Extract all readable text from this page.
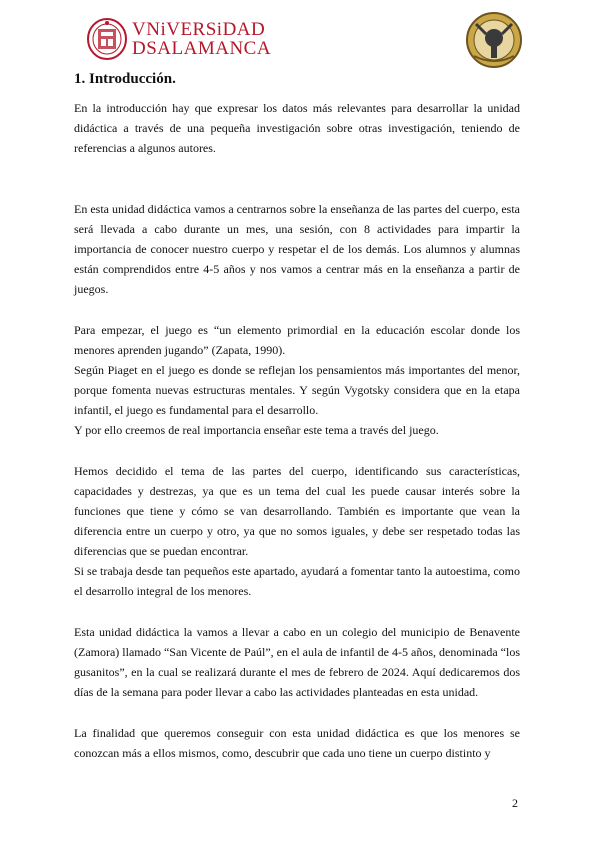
VNiVERSiDAD
DSALAMANCA
1. Introducción.

En la introducción hay que expresar los datos más relevantes para desarrollar la unidad didáctica a través de una pequeña investigación sobre otras investigación, teniendo de referencias a algunos autores.

En esta unidad didáctica vamos a centrarnos sobre la enseñanza de las partes del cuerpo, esta será llevada a cabo durante un mes, una sesión, con 8 actividades para impartir la importancia de conocer nuestro cuerpo y respetar el de los demás. Los alumnos y alumnas están comprendidos entre 4-5 años y nos vamos a centrar más en la enseñanza a partir de juegos.

Para empezar, el juego es “un elemento primordial en la educación escolar donde los menores aprenden jugando” (Zapata, 1990).

Según Piaget en el juego es donde se reflejan los pensamientos más importantes del menor, porque fomenta nuevas estructuras mentales. Y según Vygotsky considera que en la etapa infantil, el juego es fundamental para el desarrollo.

Y por ello creemos de real importancia enseñar este tema a través del juego.

Hemos decidido el tema de las partes del cuerpo, identificando sus características, capacidades y destrezas, ya que es un tema del cual les puede causar interés sobre la funciones que tiene y cómo se van desarrollando. También es importante que vean la diferencia entre un cuerpo y otro, ya que no somos iguales, y debe ser respetado todas las diferencias que se puedan encontrar.

Si se trabaja desde tan pequeños este apartado, ayudará a fomentar tanto la autoestima, como el desarrollo integral de los menores.

Esta unidad didáctica la vamos a llevar a cabo en un colegio del municipio de Benavente (Zamora) llamado “San Vicente de Paúl”, en el aula de infantil de 4-5 años, denominada “los gusanitos”, en la cual se realizará durante el mes de febrero de 2024. Aquí dedicaremos dos días de la semana para poder llevar a cabo las actividades planteadas en esta unidad.

La finalidad que queremos conseguir con esta unidad didáctica es que los menores se conozcan más a ellos mismos, como, descubrir que cada uno tiene un cuerpo distinto y

2
